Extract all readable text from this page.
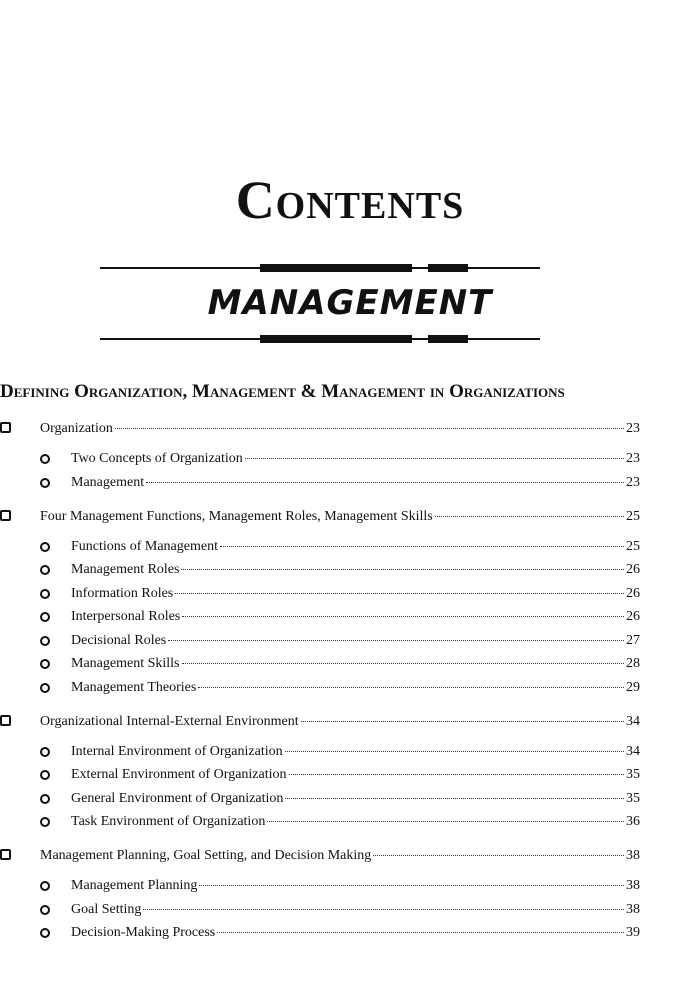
Contents
MANAGEMENT
Defining Organization, Management & Management in Organizations
Organization	23
Two Concepts of Organization	23
Management	23
Four Management Functions, Management Roles, Management Skills	25
Functions of Management	25
Management Roles	26
Information Roles	26
Interpersonal Roles	26
Decisional Roles	27
Management Skills	28
Management Theories	29
Organizational Internal-External Environment	34
Internal Environment of Organization	34
External Environment of Organization	35
General Environment of Organization	35
Task Environment of Organization	36
Management Planning, Goal Setting, and Decision Making	38
Management Planning	38
Goal Setting	38
Decision-Making Process	39
